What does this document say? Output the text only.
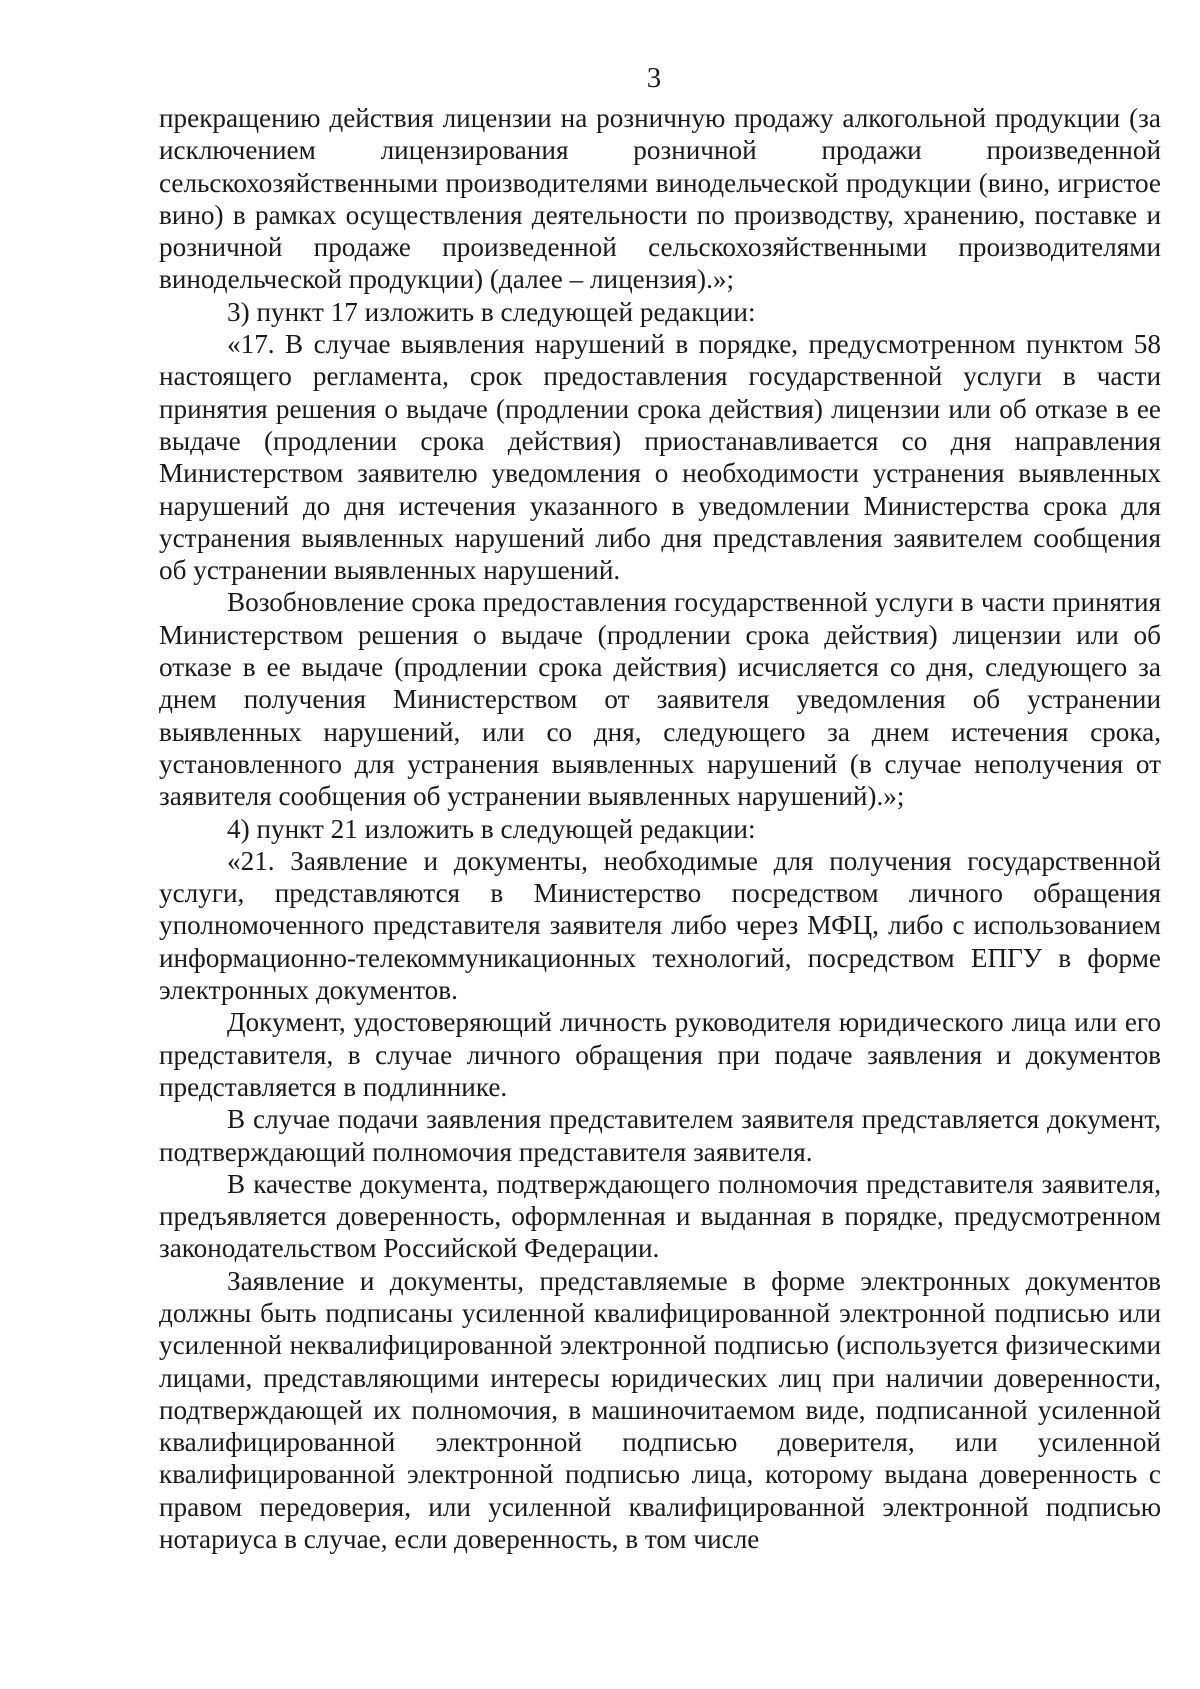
3

прекращению действия лицензии на розничную продажу алкогольной продукции (за исключением лицензирования розничной продажи произведенной сельскохозяйственными производителями винодельческой продукции (вино, игристое вино) в рамках осуществления деятельности по производству, хранению, поставке и розничной продаже произведенной сельскохозяйственными производителями винодельческой продукции) (далее – лицензия).»;

3) пункт 17 изложить в следующей редакции:

«17. В случае выявления нарушений в порядке, предусмотренном пунктом 58 настоящего регламента, срок предоставления государственной услуги в части принятия решения о выдаче (продлении срока действия) лицензии или об отказе в ее выдаче (продлении срока действия) приостанавливается со дня направления Министерством заявителю уведомления о необходимости устранения выявленных нарушений до дня истечения указанного в уведомлении Министерства срока для устранения выявленных нарушений либо дня представления заявителем сообщения об устранении выявленных нарушений.

Возобновление срока предоставления государственной услуги в части принятия Министерством решения о выдаче (продлении срока действия) лицензии или об отказе в ее выдаче (продлении срока действия) исчисляется со дня, следующего за днем получения Министерством от заявителя уведомления об устранении выявленных нарушений, или со дня, следующего за днем истечения срока, установленного для устранения выявленных нарушений (в случае неполучения от заявителя сообщения об устранении выявленных нарушений).»;

4) пункт 21 изложить в следующей редакции:

«21. Заявление и документы, необходимые для получения государственной услуги, представляются в Министерство посредством личного обращения уполномоченного представителя заявителя либо через МФЦ, либо с использованием информационно-телекоммуникационных технологий, посредством ЕПГУ в форме электронных документов.

Документ, удостоверяющий личность руководителя юридического лица или его представителя, в случае личного обращения при подаче заявления и документов представляется в подлиннике.

В случае подачи заявления представителем заявителя представляется документ, подтверждающий полномочия представителя заявителя.

В качестве документа, подтверждающего полномочия представителя заявителя, предъявляется доверенность, оформленная и выданная в порядке, предусмотренном законодательством Российской Федерации.

Заявление и документы, представляемые в форме электронных документов должны быть подписаны усиленной квалифицированной электронной подписью или усиленной неквалифицированной электронной подписью (используется физическими лицами, представляющими интересы юридических лиц при наличии доверенности, подтверждающей их полномочия, в машиночитаемом виде, подписанной усиленной квалифицированной электронной подписью доверителя, или усиленной квалифицированной электронной подписью лица, которому выдана доверенность с правом передоверия, или усиленной квалифицированной электронной подписью нотариуса в случае, если доверенность, в том числе
